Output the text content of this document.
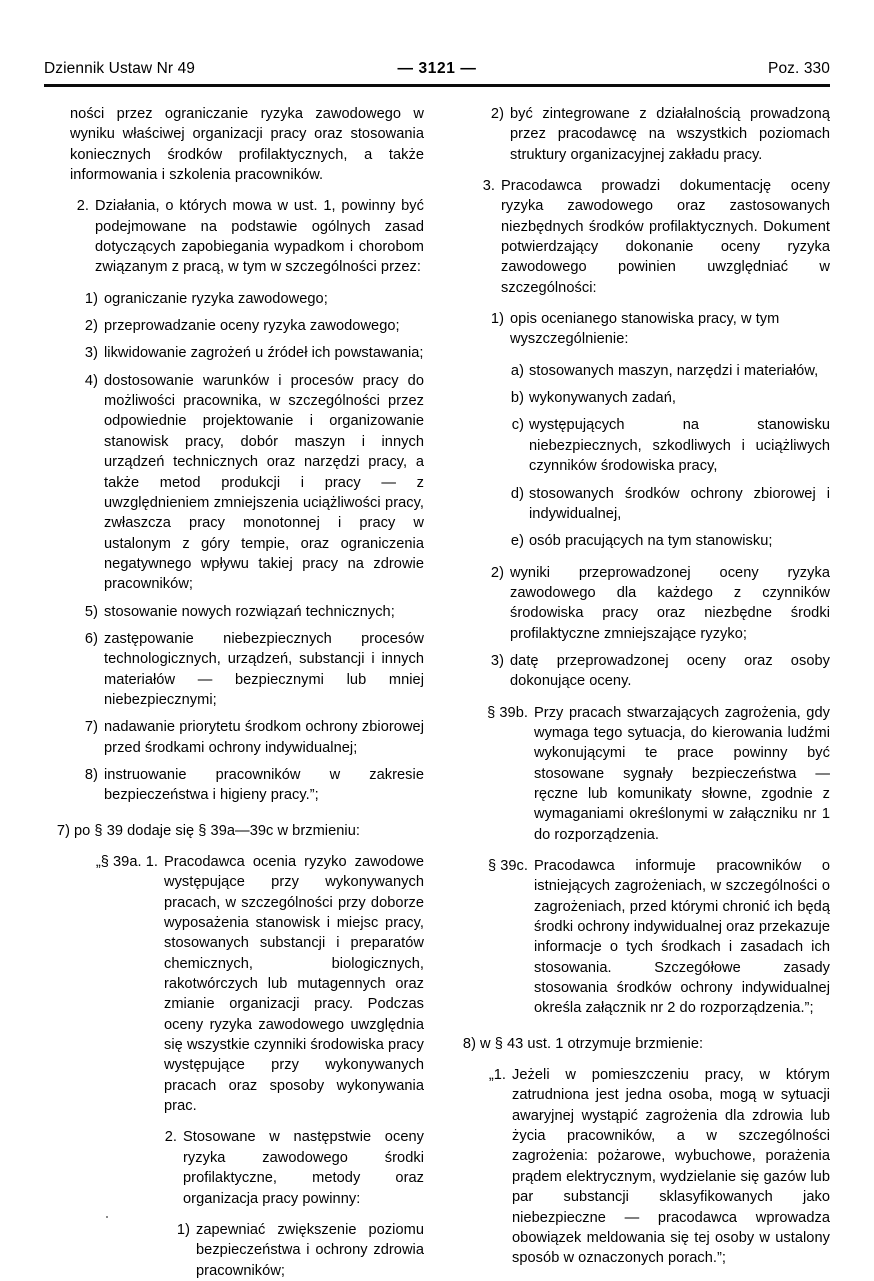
Dziennik Ustaw Nr 49	— 3121 —	Poz. 330
ności przez ograniczanie ryzyka zawodowego w wyniku właściwej organizacji pracy oraz stosowania koniecznych środków profilaktycznych, a także informowania i szkolenia pracowników.
2. Działania, o których mowa w ust. 1, powinny być podejmowane na podstawie ogólnych zasad dotyczących zapobiegania wypadkom i chorobom związanym z pracą, w tym w szczególności przez:
1) ograniczanie ryzyka zawodowego;
2) przeprowadzanie oceny ryzyka zawodowego;
3) likwidowanie zagrożeń u źródeł ich powstawania;
4) dostosowanie warunków i procesów pracy do możliwości pracownika, w szczególności przez odpowiednie projektowanie i organizowanie stanowisk pracy, dobór maszyn i innych urządzeń technicznych oraz narzędzi pracy, a także metod produkcji i pracy — z uwzględnieniem zmniejszenia uciążliwości pracy, zwłaszcza pracy monotonnej i pracy w ustalonym z góry tempie, oraz ograniczenia negatywnego wpływu takiej pracy na zdrowie pracowników;
5) stosowanie nowych rozwiązań technicznych;
6) zastępowanie niebezpiecznych procesów technologicznych, urządzeń, substancji i innych materiałów — bezpiecznymi lub mniej niebezpiecznymi;
7) nadawanie priorytetu środkom ochrony zbiorowej przed środkami ochrony indywidualnej;
8) instruowanie pracowników w zakresie bezpieczeństwa i higieny pracy.”;
7) po § 39 dodaje się § 39a—39c w brzmieniu:
„§ 39a. 1. Pracodawca ocenia ryzyko zawodowe występujące przy wykonywanych pracach, w szczególności przy doborze wyposażenia stanowisk i miejsc pracy, stosowanych substancji i preparatów chemicznych, biologicznych, rakotwórczych lub mutagennych oraz zmianie organizacji pracy. Podczas oceny ryzyka zawodowego uwzględnia się wszystkie czynniki środowiska pracy występujące przy wykonywanych pracach oraz sposoby wykonywania prac.
2. Stosowane w następstwie oceny ryzyka zawodowego środki profilaktyczne, metody oraz organizacja pracy powinny:
1) zapewniać zwiększenie poziomu bezpieczeństwa i ochrony zdrowia pracowników;
2) być zintegrowane z działalnością prowadzoną przez pracodawcę na wszystkich poziomach struktury organizacyjnej zakładu pracy.
3. Pracodawca prowadzi dokumentację oceny ryzyka zawodowego oraz zastosowanych niezbędnych środków profilaktycznych. Dokument potwierdzający dokonanie oceny ryzyka zawodowego powinien uwzględniać w szczególności:
1) opis ocenianego stanowiska pracy, w tym wyszczególnienie:
a) stosowanych maszyn, narzędzi i materiałów,
b) wykonywanych zadań,
c) występujących na stanowisku niebezpiecznych, szkodliwych i uciążliwych czynników środowiska pracy,
d) stosowanych środków ochrony zbiorowej i indywidualnej,
e) osób pracujących na tym stanowisku;
2) wyniki przeprowadzonej oceny ryzyka zawodowego dla każdego z czynników środowiska pracy oraz niezbędne środki profilaktyczne zmniejszające ryzyko;
3) datę przeprowadzonej oceny oraz osoby dokonujące oceny.
§ 39b. Przy pracach stwarzających zagrożenia, gdy wymaga tego sytuacja, do kierowania ludźmi wykonującymi te prace powinny być stosowane sygnały bezpieczeństwa — ręczne lub komunikaty słowne, zgodnie z wymaganiami określonymi w załączniku nr 1 do rozporządzenia.
§ 39c. Pracodawca informuje pracowników o istniejących zagrożeniach, w szczególności o zagrożeniach, przed którymi chronić ich będą środki ochrony indywidualnej oraz przekazuje informacje o tych środkach i zasadach ich stosowania. Szczegółowe zasady stosowania środków ochrony indywidualnej określa załącznik nr 2 do rozporządzenia.”;
8) w § 43 ust. 1 otrzymuje brzmienie:
„1. Jeżeli w pomieszczeniu pracy, w którym zatrudniona jest jedna osoba, mogą w sytuacji awaryjnej wystąpić zagrożenia dla zdrowia lub życia pracowników, a w szczególności zagrożenia: pożarowe, wybuchowe, porażenia prądem elektrycznym, wydzielanie się gazów lub par substancji sklasyfikowanych jako niebezpieczne — pracodawca wprowadza obowiązek meldowania się tej osoby w ustalony sposób w oznaczonych porach.”;
